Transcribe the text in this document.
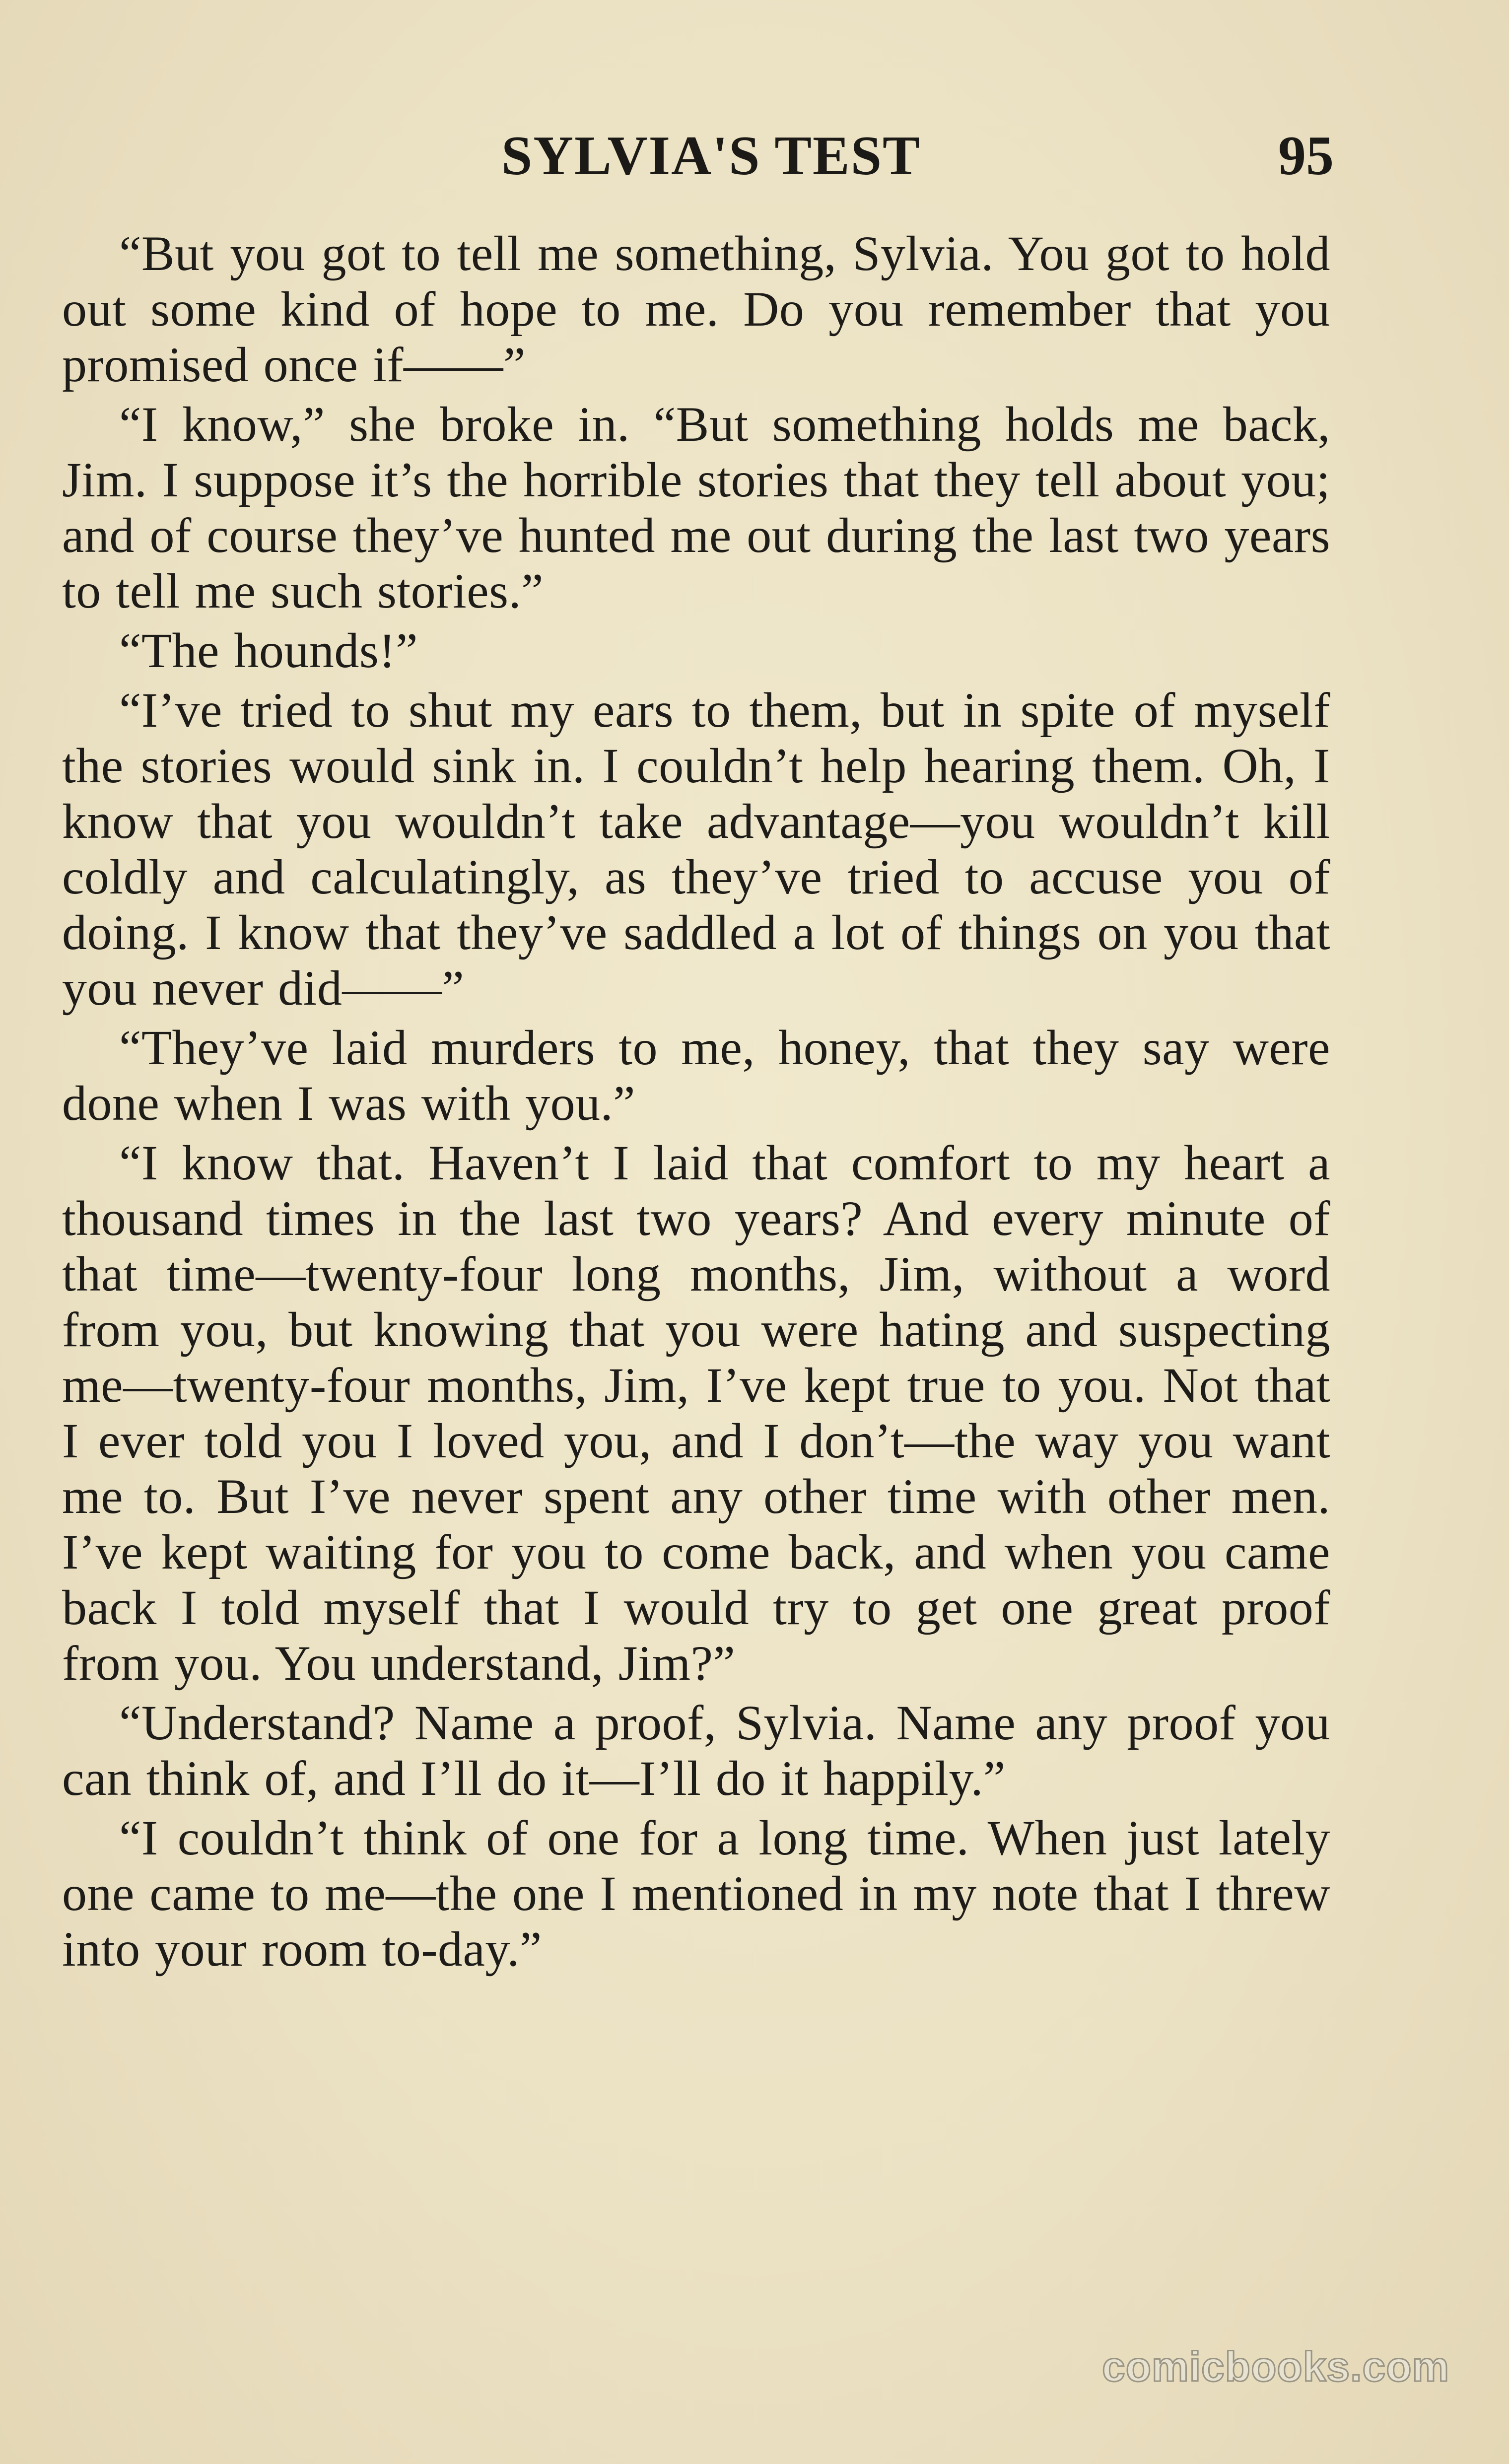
SYLVIA'S TEST	95

“But you got to tell me something, Sylvia. You got to hold out some kind of hope to me. Do you remember that you promised once if——”

“I know,” she broke in. “But something holds me back, Jim. I suppose it’s the horrible stories that they tell about you; and of course they’ve hunted me out during the last two years to tell me such stories.”

“The hounds!”

“I’ve tried to shut my ears to them, but in spite of myself the stories would sink in. I couldn’t help hearing them. Oh, I know that you wouldn’t take advantage—you wouldn’t kill coldly and calculatingly, as they’ve tried to accuse you of doing. I know that they’ve saddled a lot of things on you that you never did——”

“They’ve laid murders to me, honey, that they say were done when I was with you.”

“I know that. Haven’t I laid that comfort to my heart a thousand times in the last two years? And every minute of that time—twenty-four long months, Jim, without a word from you, but knowing that you were hating and suspecting me—twenty-four months, Jim, I’ve kept true to you. Not that I ever told you I loved you, and I don’t—the way you want me to. But I’ve never spent any other time with other men. I’ve kept waiting for you to come back, and when you came back I told myself that I would try to get one great proof from you. You understand, Jim?”

“Understand? Name a proof, Sylvia. Name any proof you can think of, and I’ll do it—I’ll do it happily.”

“I couldn’t think of one for a long time. When just lately one came to me—the one I mentioned in my note that I threw into your room to-day.”

comicbooks.com
